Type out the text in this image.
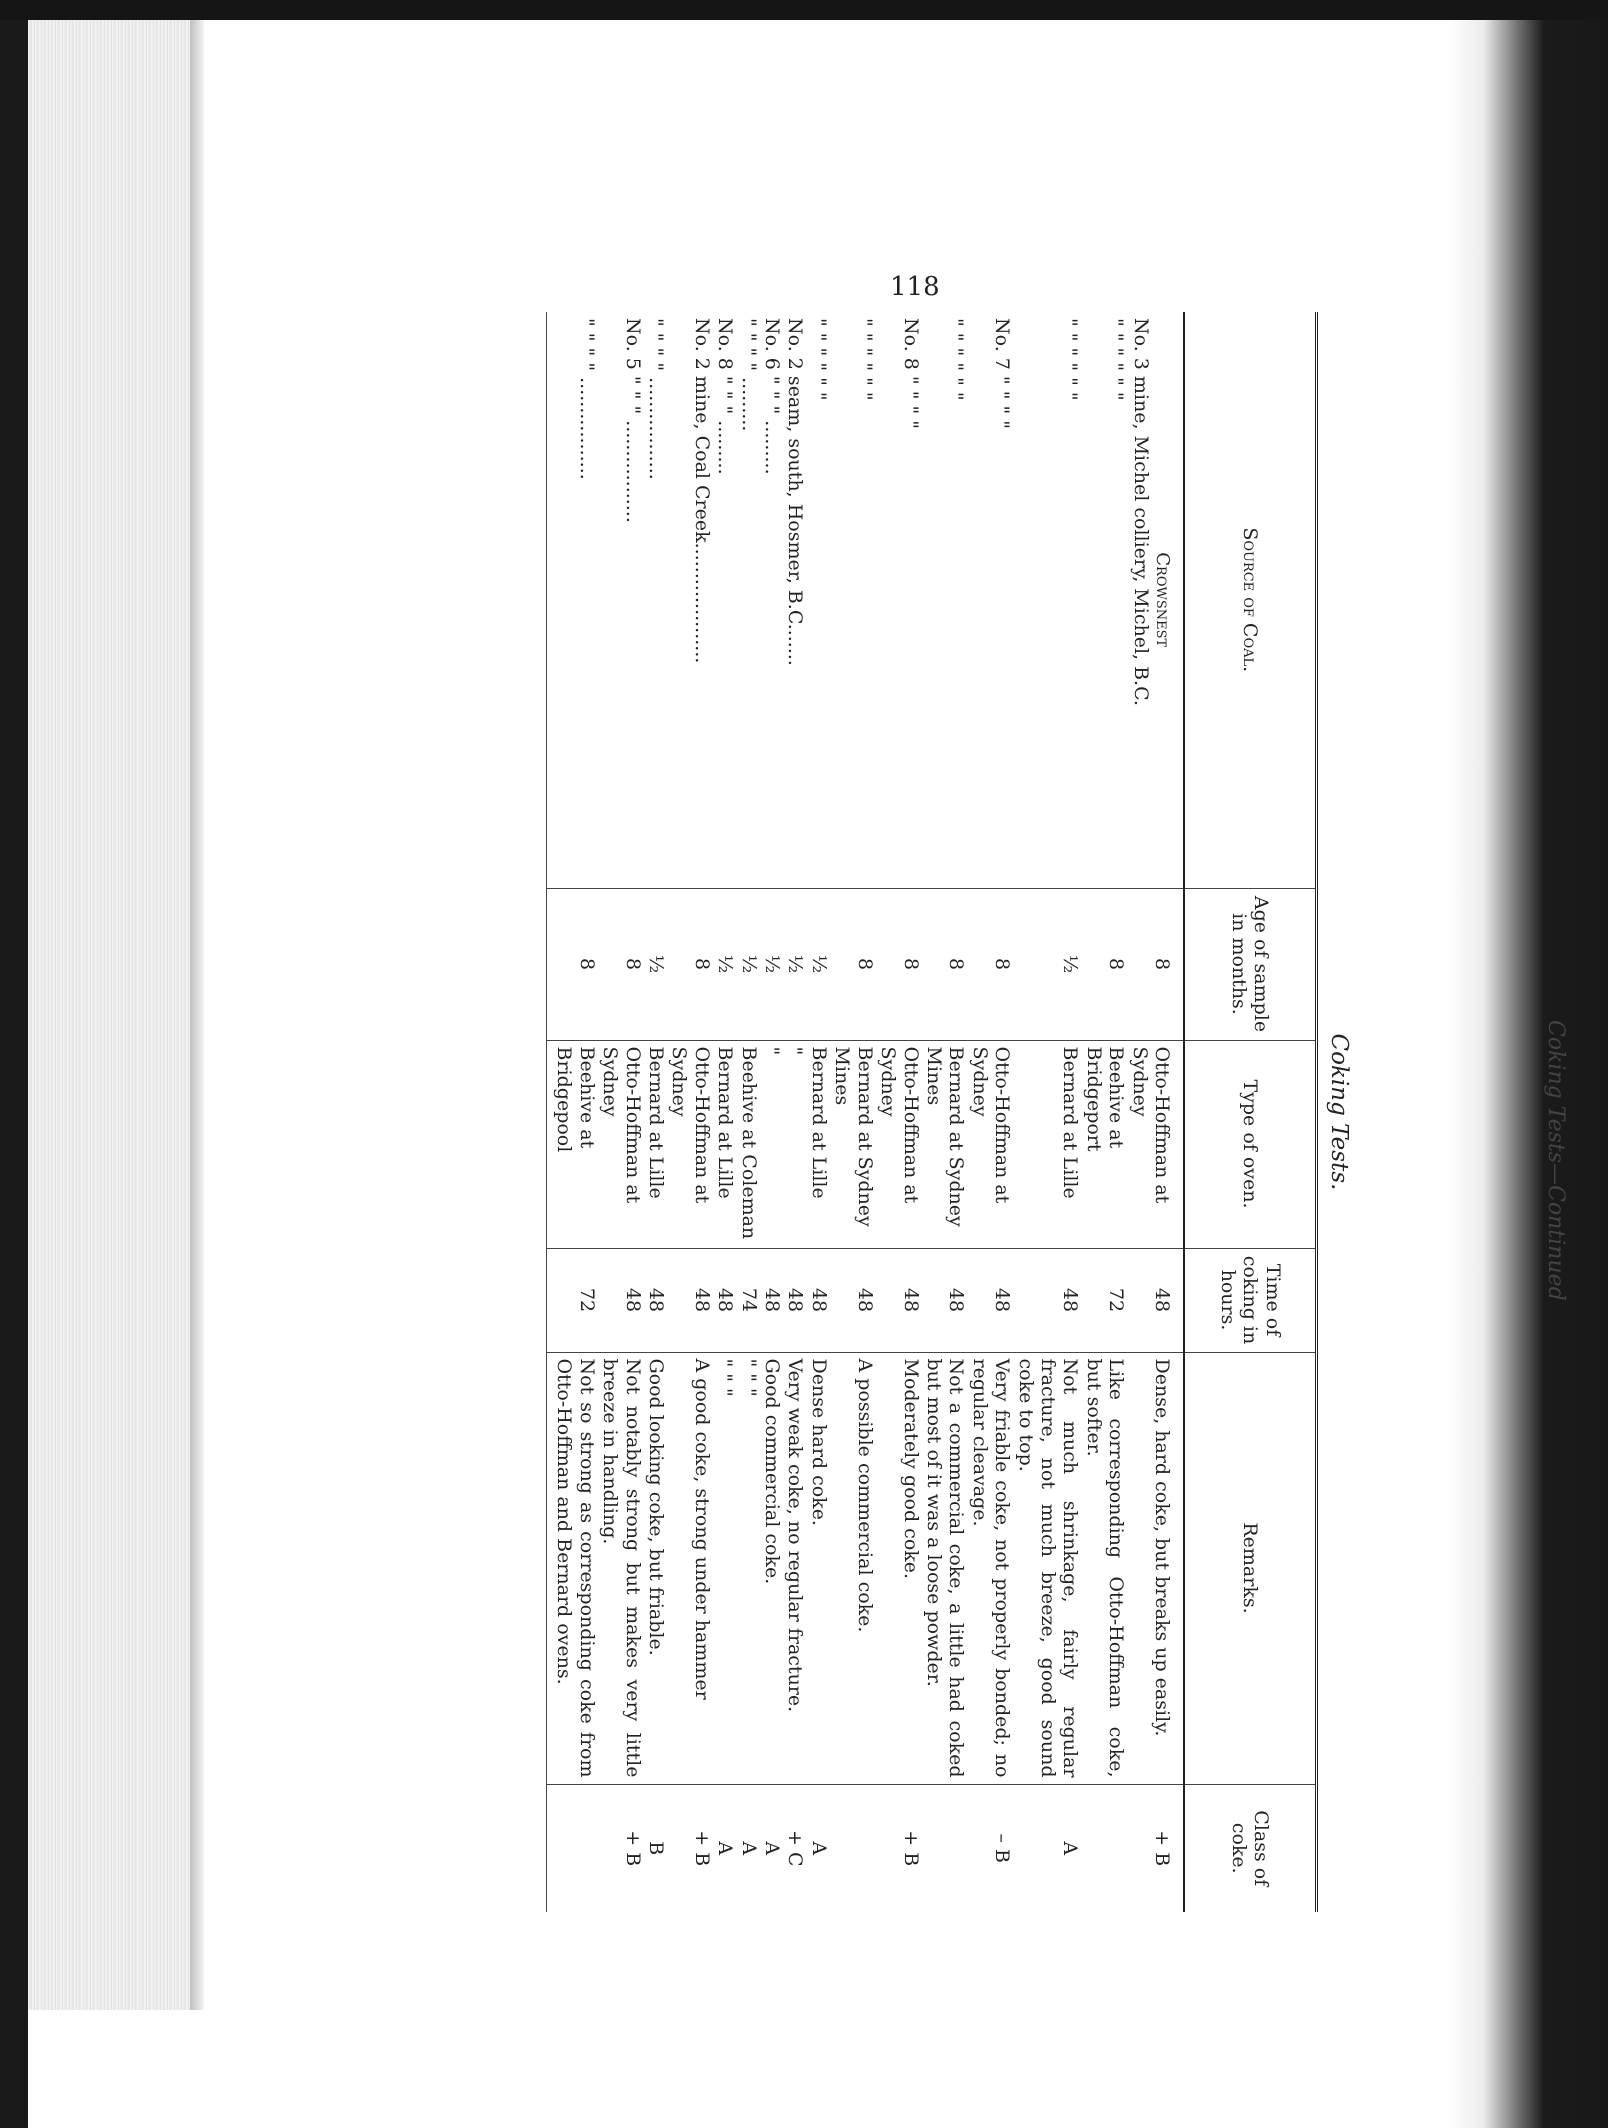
Coking Tests—Continued
118
Coking Tests.
Source of Coal.	Age of sample in months.	Type of oven.	Time of coking in hours.	Remarks.	Class of coke.

Crowsnest
No. 3 mine, Michel colliery, Michel, B.C.	8	Otto-Hoffman at Sydney	48	Dense, hard coke, but breaks up easily.	+ B

" " " " " "	8	Beehive at Bridgeport	72	Like corresponding Otto-Hoffman coke, but softer.	

" " " " " "	½	Bernard at Lille	48	Not much shrinkage, fairly regular fracture, not much breeze, good sound coke to top.	A

No. 7 " " " "	8	Otto-Hoffman at Sydney	48	Very friable coke, not properly bonded; no regular cleavage.	– B

" " " " " "	8	Bernard at Sydney Mines	48	Not a commercial coke, a little had coked but most of it was a loose powder.	

No. 8 " " " "	8	Otto-Hoffman at Sydney	48	Moderately good coke.	+ B

" " " " " "	8	Bernard at Sydney Mines	48	A possible commercial coke.	

" " " " " "	½	Bernard at Lille	48	Dense hard coke.	A

No. 2 seam, south, Hosmer, B.C.......	½	"	48	Very weak coke, no regular fracture.	+ C

No. 6 " " " .........	½	"	48	Good commercial coke.	A

" " " " .........	½	Beehive at Coleman	74	" " "	A

No. 8 " " " .........	½	Bernard at Lille	48	" " "	A

No. 2 mine, Coal Creek....................	8	Otto-Hoffman at Sydney	48	A good coke, strong under hammer	+ B

" " " " .................	½	Bernard at Lille	48	Good looking coke, but friable.	B

No. 5 " " " .................	8	Otto-Hoffman at Sydney	48	Not notably strong but makes very little breeze in handling.	+ B

" " " " .................	8	Beehive at Bridgepool	72	Not so strong as corresponding coke from Otto-Hoffman and Bernard ovens.	
